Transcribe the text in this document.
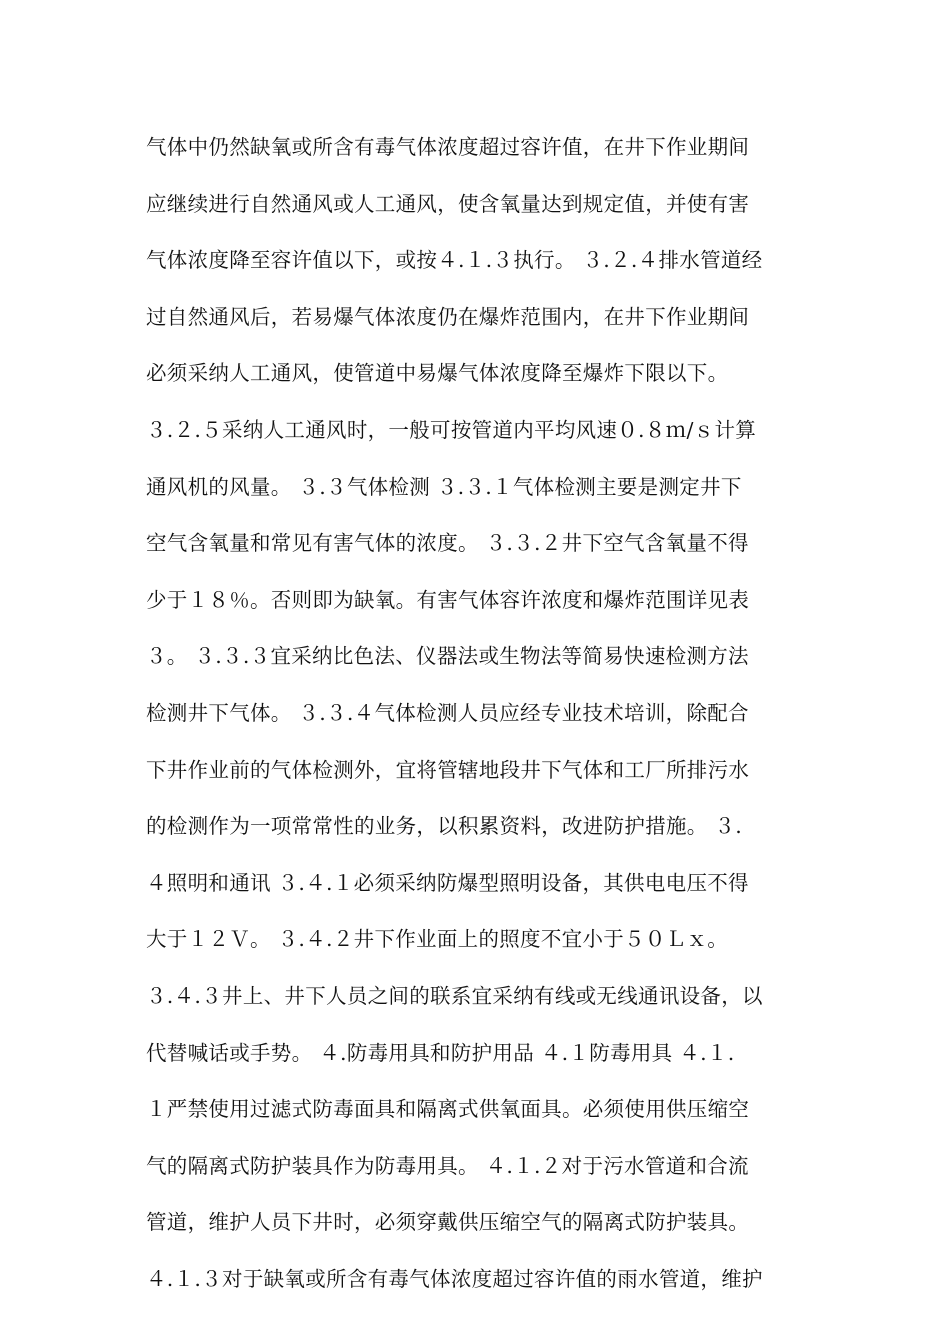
气体中仍然缺氧或所含有毒气体浓度超过容许值，在井下作业期间
应继续进行自然通风或人工通风，使含氧量达到规定值，并使有害
气体浓度降至容许值以下，或按４.１.３执行。 ３.２.４排水管道经
过自然通风后，若易爆气体浓度仍在爆炸范围内，在井下作业期间
必须采纳人工通风，使管道中易爆气体浓度降至爆炸下限以下。
３.２.５采纳人工通风时，一般可按管道内平均风速０.８ｍ/ｓ计算
通风机的风量。 ３.３气体检测 ３.３.１气体检测主要是测定井下
空气含氧量和常见有害气体的浓度。 ３.３.２井下空气含氧量不得
少于１８％。否则即为缺氧。有害气体容许浓度和爆炸范围详见表
３。 ３.３.３宜采纳比色法、仪器法或生物法等简易快速检测方法
检测井下气体。 ３.３.４气体检测人员应经专业技术培训，除配合
下井作业前的气体检测外，宜将管辖地段井下气体和工厂所排污水
的检测作为一项常常性的业务，以积累资料，改进防护措施。 ３.
４照明和通讯 ３.４.１必须采纳防爆型照明设备，其供电电压不得
大于１２Ｖ。 ３.４.２井下作业面上的照度不宜小于５０Ｌｘ。
３.４.３井上、井下人员之间的联系宜采纳有线或无线通讯设备，以
代替喊话或手势。 ４.防毒用具和防护用品 ４.１防毒用具 ４.１.
１严禁使用过滤式防毒面具和隔离式供氧面具。必须使用供压缩空
气的隔离式防护装具作为防毒用具。 ４.１.２对于污水管道和合流
管道，维护人员下井时，必须穿戴供压缩空气的隔离式防护装具。
４.１.３对于缺氧或所含有毒气体浓度超过容许值的雨水管道，维护
